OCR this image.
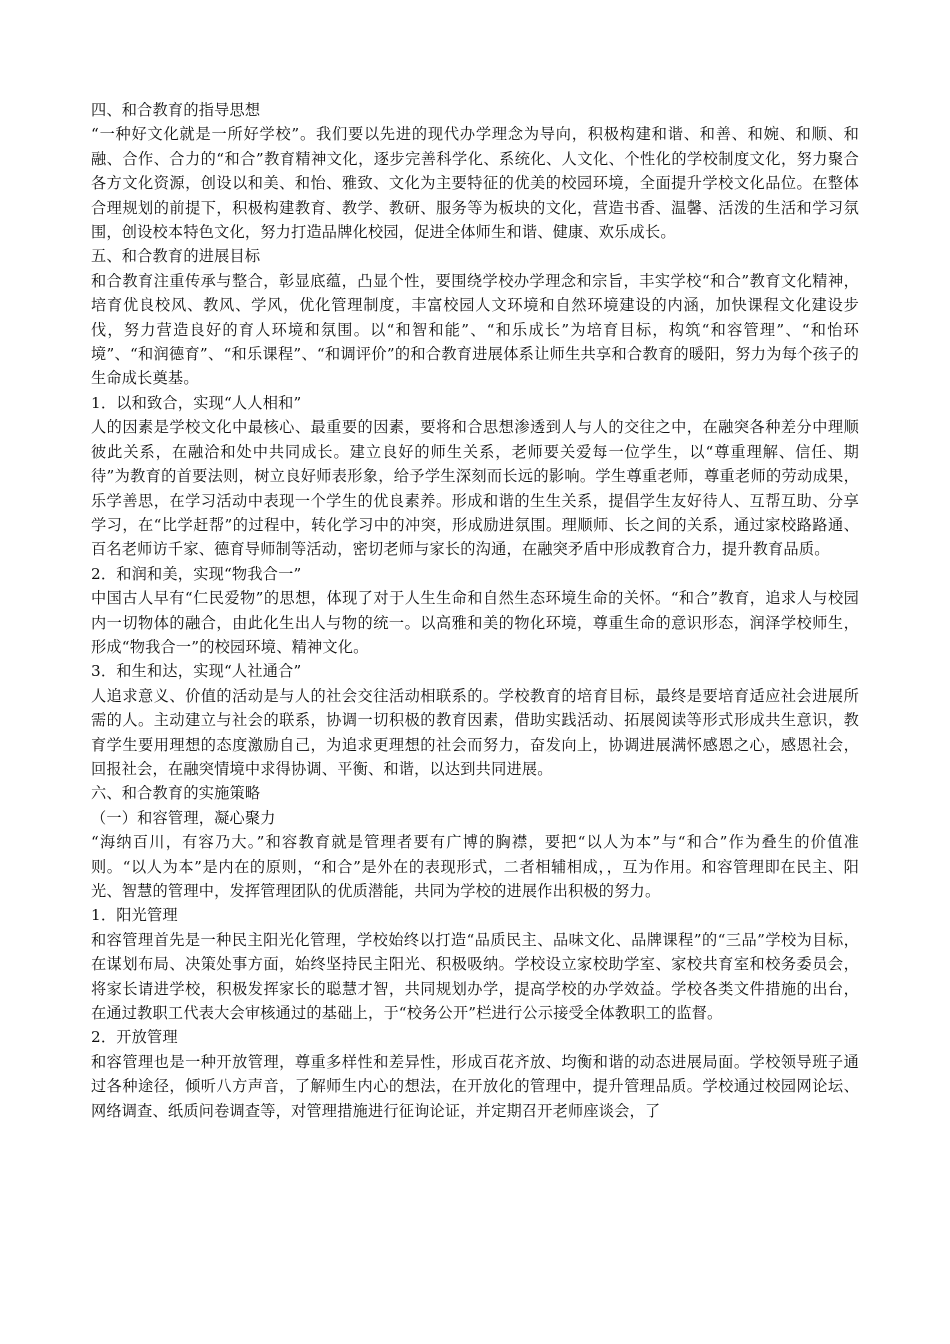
四、和合教育的指导思想

“一种好文化就是一所好学校”。我们要以先进的现代办学理念为导向，积极构建和谐、和善、和婉、和顺、和融、合作、合力的“和合”教育精神文化，逐步完善科学化、系统化、人文化、个性化的学校制度文化，努力聚合各方文化资源，创设以和美、和怡、雅致、文化为主要特征的优美的校园环境，全面提升学校文化品位。在整体合理规划的前提下，积极构建教育、教学、教研、服务等为板块的文化，营造书香、温馨、活泼的生活和学习氛围，创设校本特色文化，努力打造品牌化校园，促进全体师生和谐、健康、欢乐成长。

五、和合教育的进展目标

和合教育注重传承与整合，彰显底蕴，凸显个性，要围绕学校办学理念和宗旨，丰实学校“和合”教育文化精神，培育优良校风、教风、学风，优化管理制度，丰富校园人文环境和自然环境建设的内涵，加快课程文化建设步伐，努力营造良好的育人环境和氛围。以“和智和能”、“和乐成长”为培育目标，构筑“和容管理”、“和怡环境”、“和润德育”、“和乐课程”、“和调评价”的和合教育进展体系让师生共享和合教育的暖阳，努力为每个孩子的生命成长奠基。

1．以和致合，实现“人人相和”

人的因素是学校文化中最核心、最重要的因素，要将和合思想渗透到人与人的交往之中，在融突各种差分中理顺彼此关系，在融洽和处中共同成长。建立良好的师生关系，老师要关爱每一位学生，以“尊重理解、信任、期待”为教育的首要法则，树立良好师表形象，给予学生深刻而长远的影响。学生尊重老师，尊重老师的劳动成果，乐学善思，在学习活动中表现一个学生的优良素养。形成和谐的生生关系，提倡学生友好待人、互帮互助、分享学习，在“比学赶帮”的过程中，转化学习中的冲突，形成励进氛围。理顺师、长之间的关系，通过家校路路通、百名老师访千家、德育导师制等活动，密切老师与家长的沟通，在融突矛盾中形成教育合力，提升教育品质。

2．和润和美，实现“物我合一”

中国古人早有“仁民爱物”的思想，体现了对于人生生命和自然生态环境生命的关怀。“和合”教育，追求人与校园内一切物体的融合，由此化生出人与物的统一。以高雅和美的物化环境，尊重生命的意识形态，润泽学校师生，形成“物我合一”的校园环境、精神文化。

3．和生和达，实现“人社通合”

人追求意义、价值的活动是与人的社会交往活动相联系的。学校教育的培育目标，最终是要培育适应社会进展所需的人。主动建立与社会的联系，协调一切积极的教育因素，借助实践活动、拓展阅读等形式形成共生意识，教育学生要用理想的态度激励自己，为追求更理想的社会而努力，奋发向上，协调进展满怀感恩之心，感恩社会，回报社会，在融突情境中求得协调、平衡、和谐，以达到共同进展。

六、和合教育的实施策略

（一）和容管理，凝心聚力

“海纳百川，有容乃大。”和容教育就是管理者要有广博的胸襟，要把“以人为本”与“和合”作为叠生的价值准则。“以人为本”是内在的原则，“和合”是外在的表现形式，二者相辅相成，，互为作用。和容管理即在民主、阳光、智慧的管理中，发挥管理团队的优质潜能，共同为学校的进展作出积极的努力。

1．阳光管理

和容管理首先是一种民主阳光化管理，学校始终以打造“品质民主、品味文化、品牌课程”的“三品”学校为目标，在谋划布局、决策处事方面，始终坚持民主阳光、积极吸纳。学校设立家校助学室、家校共育室和校务委员会，将家长请进学校，积极发挥家长的聪慧才智，共同规划办学，提高学校的办学效益。学校各类文件措施的出台，在通过教职工代表大会审核通过的基础上，于“校务公开”栏进行公示接受全体教职工的监督。

2．开放管理

和容管理也是一种开放管理，尊重多样性和差异性，形成百花齐放、均衡和谐的动态进展局面。学校领导班子通过各种途径，倾听八方声音，了解师生内心的想法，在开放化的管理中，提升管理品质。学校通过校园网论坛、网络调查、纸质问卷调查等，对管理措施进行征询论证，并定期召开老师座谈会，了
